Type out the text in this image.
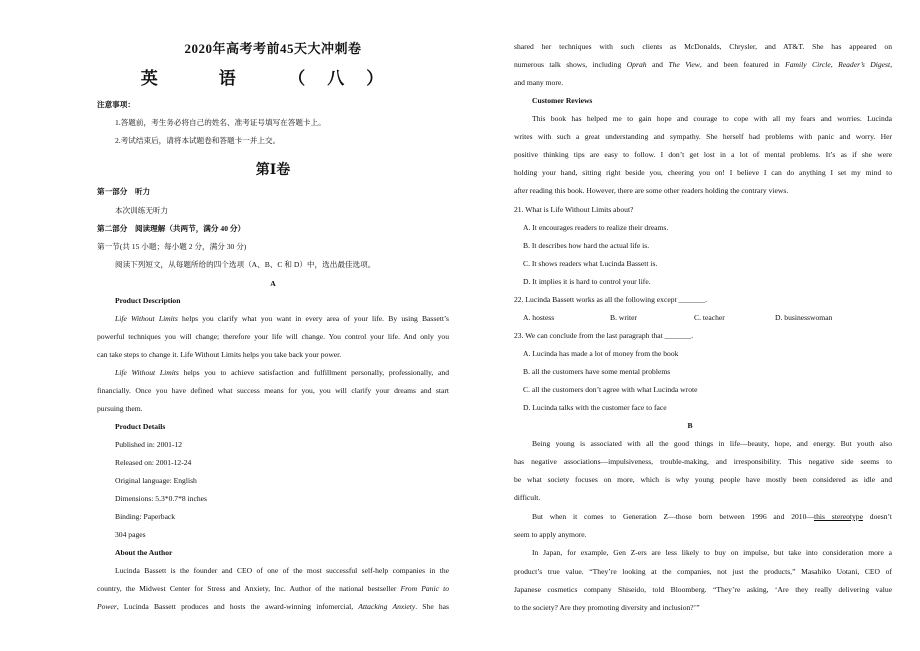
2020年高考考前45天大冲刺卷
英　语　（八）
注意事项：
1.答题前，考生务必将自己的姓名、准考证号填写在答题卡上。
2.考试结束后，请将本试题卷和答题卡一并上交。
第Ⅰ卷
第一部分　听力
本次训练无听力
第二部分　阅读理解（共两节，满分 40 分）
第一节(共 15 小题；每小题 2 分，满分 30 分)
阅读下列短文，从每题所给的四个选项（A、B、C 和 D）中，选出最佳选项。
A
Product Description
Life Without Limits helps you clarify what you want in every area of your life. By using Bassett’s
powerful techniques you will change; therefore your life will change. You control your life. And only you
can take steps to change it. Life Without Limits helps you take back your power.
Life Without Limits helps you to achieve satisfaction and fulfillment personally, professionally, and
financially. Once you have defined what success means for you, you will clarify your dreams and start
pursuing them.
Product Details
Published in: 2001-12
Released on: 2001-12-24
Original language: English
Dimensions: 5.3*0.7*8 inches
Binding: Paperback
304 pages
About the Author
Lucinda Bassett is the founder and CEO of one of the most successful self-help companies in the
country, the Midwest Center for Stress and Anxiety, Inc. Author of the national bestseller From Panic to
Power, Lucinda Bassett produces and hosts the award-winning infomercial, Attacking Anxiety. She has
shared her techniques with such clients as McDonalds, Chrysler, and AT&T. She has appeared on
numerous talk shows, including Oprah and The View, and been featured in Family Circle, Reader’s Digest,
and many more.
Customer Reviews
This book has helped me to gain hope and courage to cope with all my fears and worries. Lucinda
writes with such a great understanding and sympathy. She herself had problems with panic and worry. Her
positive thinking tips are easy to follow. I don’t get lost in a lot of mental problems. It’s as if she were
holding your hand, sitting right beside you, cheering you on! I believe I can do anything I set my mind to
after reading this book. However, there are some other readers holding the contrary views.
21. What is Life Without Limits about?
A. It encourages readers to realize their dreams.
B. It describes how hard the actual life is.
C. It shows readers what Lucinda Bassett is.
D. It implies it is hard to control your life.
22. Lucinda Bassett works as all the following except _______.
A. hostess	B. writer	C. teacher	D. businesswoman
23. We can conclude from the last paragraph that _______.
A. Lucinda has made a lot of money from the book
B. all the customers have some mental problems
C. all the customers don’t agree with what Lucinda wrote
D. Lucinda talks with the customer face to face
B
Being young is associated with all the good things in life—beauty, hope, and energy. But youth also
has negative associations—impulsiveness, trouble-making, and irresponsibility. This negative side seems to
be what society focuses on more, which is why young people have mostly been considered as idle and
difficult.
But when it comes to Generation Z—those born between 1996 and 2010—this stereotype doesn’t
seem to apply anymore.
In Japan, for example, Gen Z-ers are less likely to buy on impulse, but take into consideration more a
product’s true value. “They’re looking at the companies, not just the products,” Masahiko Uotani, CEO of
Japanese cosmetics company Shiseido, told Bloomberg. “They’re asking, ‘Are they really delivering value
to the society? Are they promoting diversity and inclusion?’”
